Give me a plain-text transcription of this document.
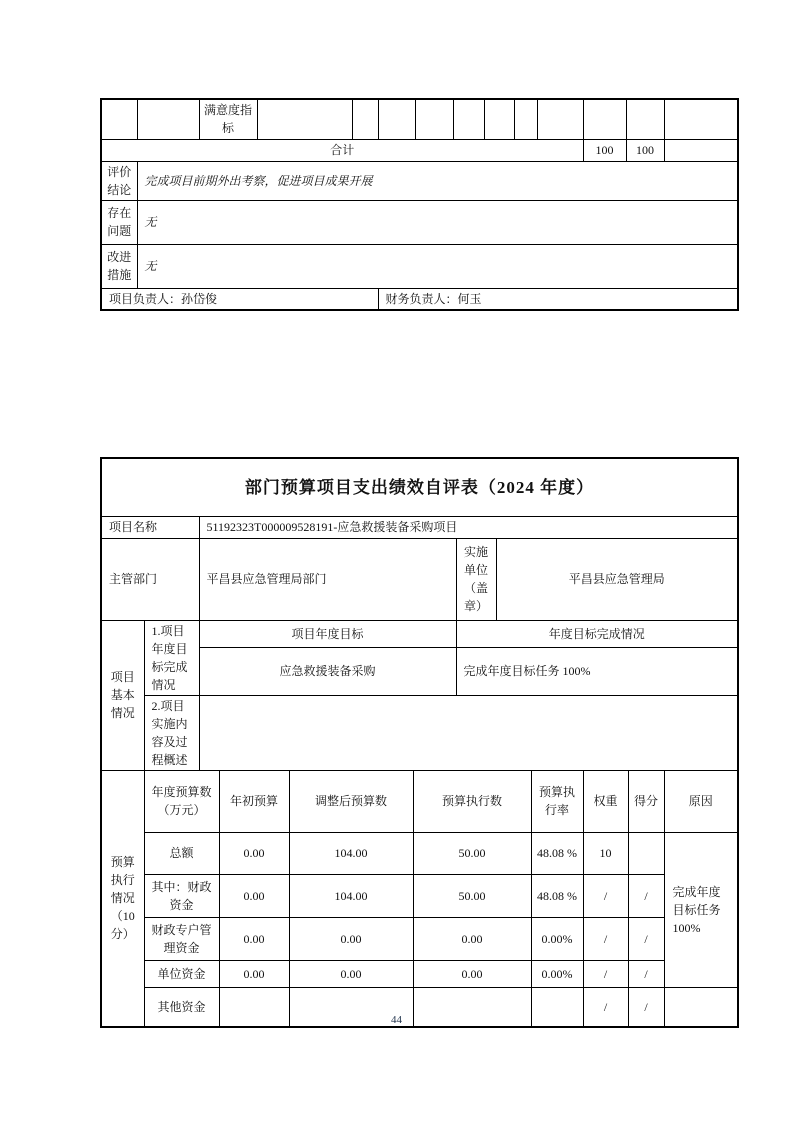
		满意度指标											
合计											100	100	
评价结论	完成项目前期外出考察，促进项目成果开展												
存在问题	无												
改进措施	无												
项目负责人：孙岱俊					财务负责人：何玉								
部门预算项目支出绩效自评表（2024 年度）											
项目名称		51192323T000009528191-应急救援装备采购项目									
主管部门		平昌县应急管理局部门				实施单位（盖章）	平昌县应急管理局				
项目基本情况	1.项目年度目标完成情况	项目年度目标				年度目标完成情况					
		应急救援装备采购				完成年度目标任务 100%					
	2.项目实施内容及过程概述										
预算执行情况（10 分）	年度预算数（万元）		年初预算	调整后预算数	预算执行数			预算执行率	权重	得分	原因
	总额		0.00	104.00	50.00			48.08 %	10		完成年度目标任务 100%
	其中：财政资金		0.00	104.00	50.00			48.08 %	/	/	
	财政专户管理资金		0.00	0.00	0.00			0.00%	/	/	
	单位资金		0.00	0.00	0.00			0.00%	/	/	
	其他资金								/	/	
44
